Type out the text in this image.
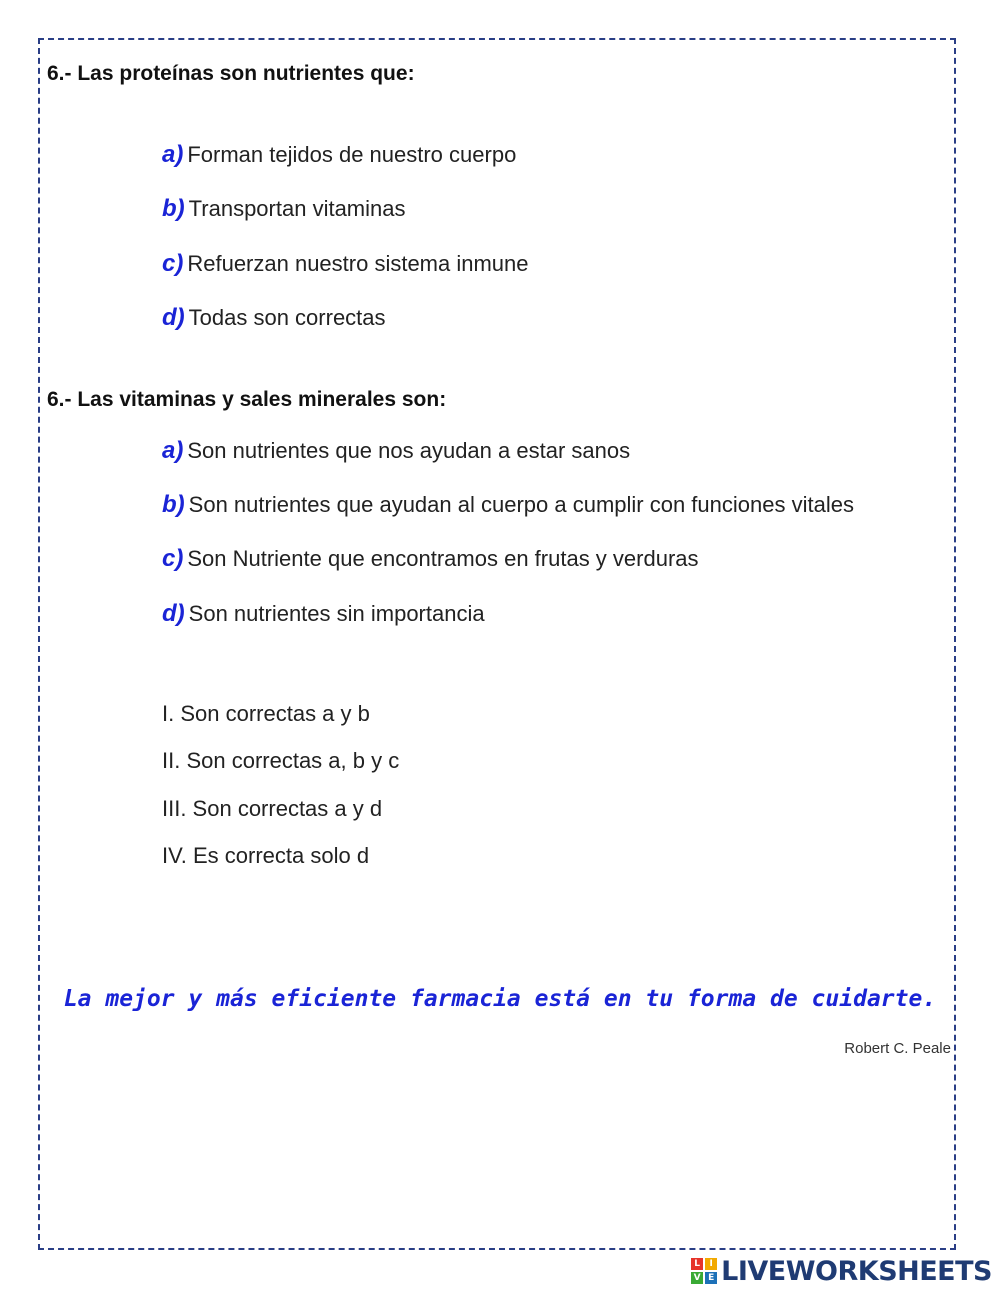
6.- Las proteínas son nutrientes que:
a) Forman tejidos de nuestro cuerpo
b) Transportan vitaminas
c) Refuerzan nuestro sistema inmune
d) Todas son correctas
6.- Las vitaminas y sales minerales son:
a) Son nutrientes que nos ayudan a estar sanos
b) Son nutrientes que ayudan al cuerpo a cumplir con funciones vitales
c) Son Nutriente que encontramos en frutas y verduras
d) Son nutrientes sin importancia
I. Son correctas a y b
II. Son correctas a, b y c
III. Son correctas a y d
IV. Es correcta solo d
La mejor y más eficiente farmacia está en tu forma de cuidarte.
Robert C. Peale
L	I
V E LIVEWORKSHEETS
